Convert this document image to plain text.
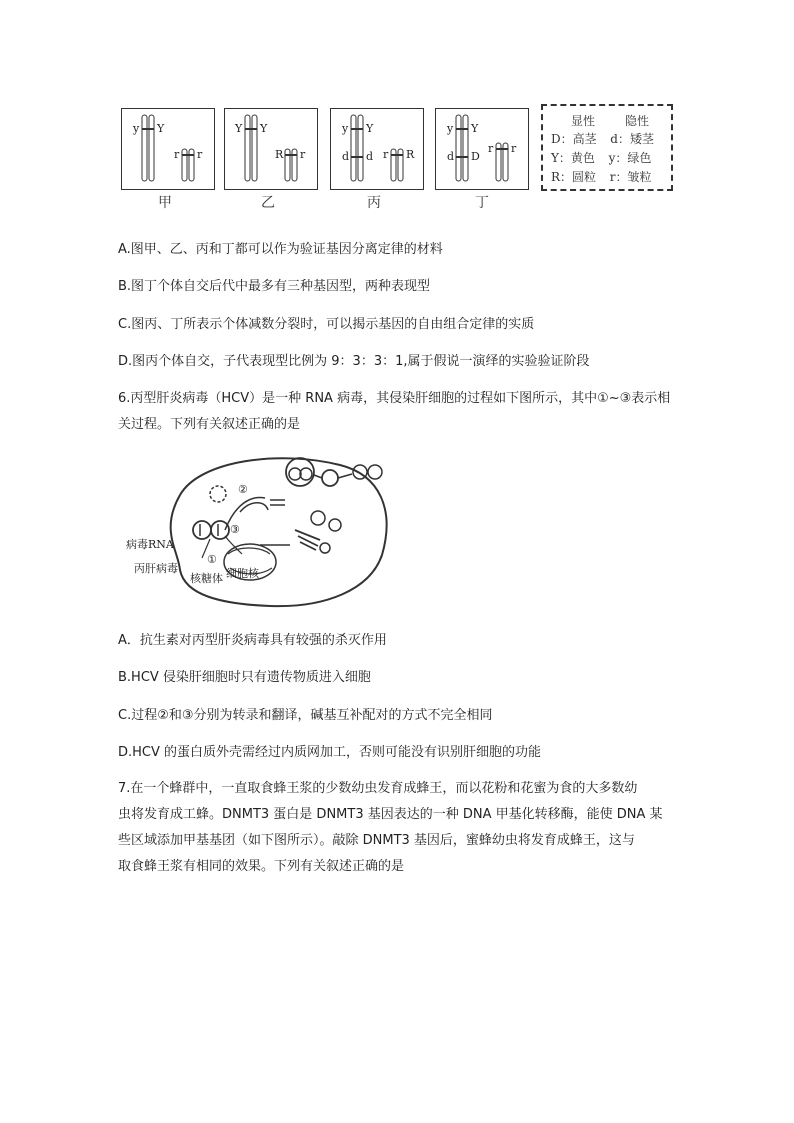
y Y
r r
甲
Y Y
R r
乙
y Y
d d r R
丙
y Y
d D
r r
丁
显性 隐性
D：高茎 d：矮茎
Y：黄色 y：绿色
R：圆粒 r：皱粒
A.图甲、乙、丙和丁都可以作为验证基因分离定律的材料
B.图丁个体自交后代中最多有三种基因型，两种表现型
C.图丙、丁所表示个体减数分裂时，可以揭示基因的自由组合定律的实质
D.图丙个体自交，子代表现型比例为 9：3：3：1,属于假说一演绎的实验验证阶段
6.丙型肝炎病毒（HCV）是一种 RNA 病毒，其侵染肝细胞的过程如下图所示，其中①~③表示相
关过程。下列有关叙述正确的是
病毒RNA
丙肝病毒
核糖体 细胞核
①
②
③
A．抗生素对丙型肝炎病毒具有较强的杀灭作用
B.HCV 侵染肝细胞时只有遗传物质进入细胞
C.过程②和③分别为转录和翻译，碱基互补配对的方式不完全相同
D.HCV 的蛋白质外壳需经过内质网加工，否则可能没有识别肝细胞的功能
7.在一个蜂群中，一直取食蜂王浆的少数幼虫发育成蜂王，而以花粉和花蜜为食的大多数幼
虫将发育成工蜂。DNMT3 蛋白是 DNMT3 基因表达的一种 DNA 甲基化转移酶，能使 DNA 某
些区域添加甲基基团（如下图所示）。敲除 DNMT3 基因后，蜜蜂幼虫将发育成蜂王，这与
取食蜂王浆有相同的效果。下列有关叙述正确的是
